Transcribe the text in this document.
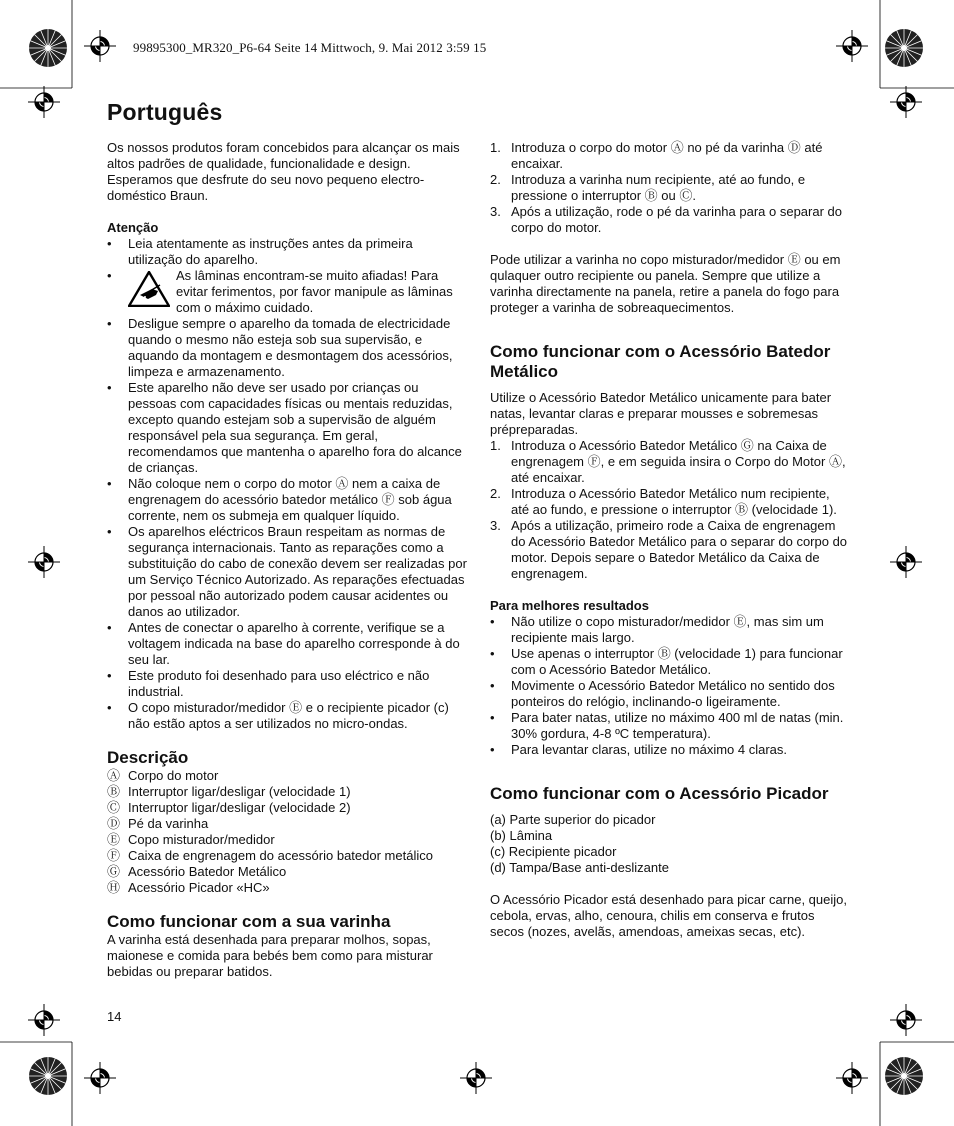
99895300_MR320_P6-64 Seite 14 Mittwoch, 9. Mai 2012 3:59 15
Português

Os nossos produtos foram concebidos para alcançar os mais altos padrões de qualidade, funcionalidade e design. Esperamos que desfrute do seu novo pequeno electro-doméstico Braun.

Atenção

• Leia atentamente as instruções antes da primeira utilização do aparelho.
•	As lâminas encontram-se muito afiadas! Para evitar ferimentos, por favor manipule as lâminas com o máximo cuidado.
• Desligue sempre o aparelho da tomada de electricidade quando o mesmo não esteja sob sua supervisão, e aquando da montagem e desmontagem dos acessórios, limpeza e armazenamento.
• Este aparelho não deve ser usado por crianças ou pessoas com capacidades físicas ou mentais reduzidas, excepto quando estejam sob a supervisão de alguém responsável pela sua segurança. Em geral, recomendamos que mantenha o aparelho fora do alcance de crianças.
• Não coloque nem o corpo do motor Ⓐ nem a caixa de engrenagem do acessório batedor metálico Ⓕ sob água corrente, nem os submeja em qualquer líquido.
• Os aparelhos eléctricos Braun respeitam as normas de segurança internacionais. Tanto as reparações como a substituição do cabo de conexão devem ser realizadas por um Serviço Técnico Autorizado. As reparações efectuadas por pessoal não autorizado podem causar acidentes ou danos ao utilizador.
• Antes de conectar o aparelho à corrente, verifique se a voltagem indicada na base do aparelho corresponde à do seu lar.
• Este produto foi desenhado para uso eléctrico e não industrial.
• O copo misturador/medidor Ⓔ e o recipiente picador (c) não estão aptos a ser utilizados no micro-ondas.
Descrição
Ⓐ Corpo do motor
Ⓑ Interruptor ligar/desligar (velocidade 1)
Ⓒ Interruptor ligar/desligar (velocidade 2)
Ⓓ Pé da varinha
Ⓔ Copo misturador/medidor
Ⓕ Caixa de engrenagem do acessório batedor metálico
Ⓖ Acessório Batedor Metálico
Ⓗ Acessório Picador «HC»
Como funcionar com a sua varinha

A varinha está desenhada para preparar molhos, sopas, maionese e comida para bebés bem como para misturar bebidas ou preparar batidos.

1. Introduza o corpo do motor Ⓐ no pé da varinha Ⓓ até encaixar.
2. Introduza a varinha num recipiente, até ao fundo, e pressione o interruptor Ⓑ ou Ⓒ.
3. Após a utilização, rode o pé da varinha para o separar do corpo do motor.

Pode utilizar a varinha no copo misturador/medidor Ⓔ ou em qulaquer outro recipiente ou panela. Sempre que utilize a varinha directamente na panela, retire a panela do fogo para proteger a varinha de sobreaquecimentos.

Como funcionar com o Acessório Batedor Metálico

Utilize o Acessório Batedor Metálico unicamente para bater natas, levantar claras e preparar mousses e sobremesas prépreparadas.

1. Introduza o Acessório Batedor Metálico Ⓖ na Caixa de engrenagem Ⓕ, e em seguida insira o Corpo do Motor Ⓐ, até encaixar.
2. Introduza o Acessório Batedor Metálico num recipiente, até ao fundo, e pressione o interruptor Ⓑ (velocidade 1).
3. Após a utilização, primeiro rode a Caixa de engrenagem do Acessório Batedor Metálico para o separar do corpo do motor. Depois separe o Batedor Metálico da Caixa de engrenagem.

Para melhores resultados

• Não utilize o copo misturador/medidor Ⓔ, mas sim um recipiente mais largo.
• Use apenas o interruptor Ⓑ (velocidade 1) para funcionar com o Acessório Batedor Metálico.
• Movimente o Acessório Batedor Metálico no sentido dos ponteiros do relógio, inclinando-o ligeiramente.
• Para bater natas, utilize no máximo 400 ml de natas (min. 30% gordura, 4-8 ºC temperatura).
• Para levantar claras, utilize no máximo 4 claras.
Como funcionar com o Acessório Picador

(a) Parte superior do picador

(b) Lâmina

(c) Recipiente picador

(d) Tampa/Base anti-deslizante

O Acessório Picador está desenhado para picar carne, queijo, cebola, ervas, alho, cenoura, chilis em conserva e frutos secos (nozes, avelãs, amendoas, ameixas secas, etc).

14
